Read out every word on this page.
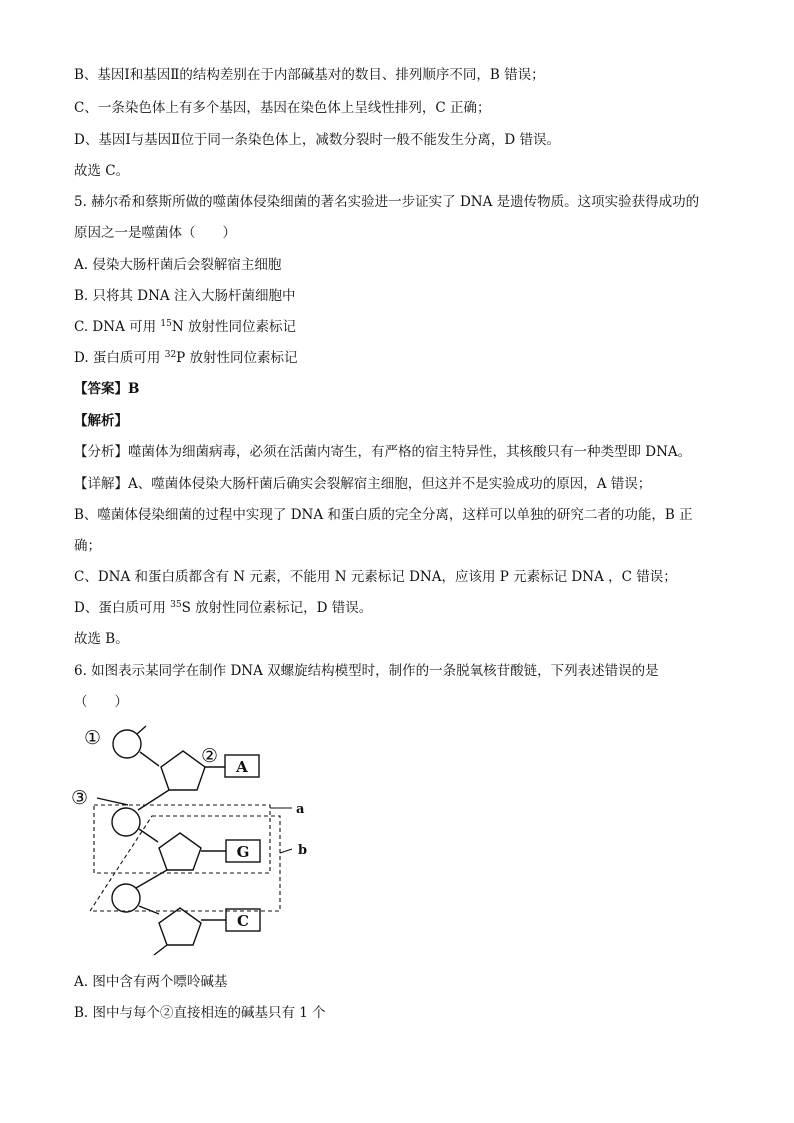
B、基因Ⅰ和基因Ⅱ的结构差别在于内部碱基对的数目、排列顺序不同，B 错误；
C、一条染色体上有多个基因，基因在染色体上呈线性排列，C 正确；
D、基因Ⅰ与基因Ⅱ位于同一条染色体上，减数分裂时一般不能发生分离，D 错误。
故选 C。
5. 赫尔希和蔡斯所做的噬菌体侵染细菌的著名实验进一步证实了 DNA 是遗传物质。这项实验获得成功的
原因之一是噬菌体（　　）
A. 侵染大肠杆菌后会裂解宿主细胞
B. 只将其 DNA 注入大肠杆菌细胞中
C. DNA 可用 $^{15}$N 放射性同位素标记
D. 蛋白质可用 $^{32}$P 放射性同位素标记
【答案】B
【解析】
【分析】噬菌体为细菌病毒，必须在活菌内寄生，有严格的宿主特异性，其核酸只有一种类型即 DNA。
【详解】A、噬菌体侵染大肠杆菌后确实会裂解宿主细胞，但这并不是实验成功的原因，A 错误；
B、噬菌体侵染细菌的过程中实现了 DNA 和蛋白质的完全分离，这样可以单独的研究二者的功能，B 正
确；
C、DNA 和蛋白质都含有 N 元素，不能用 N 元素标记 DNA，应该用 P 元素标记 DNA ，C 错误；
D、蛋白质可用 $^{35}$S 放射性同位素标记，D 错误。
故选 B。
6. 如图表示某同学在制作 DNA 双螺旋结构模型时，制作的一条脱氧核苷酸链，下列表述错误的是
（　　）
①
②
③
A
G
C
a
b
A. 图中含有两个嘌呤碱基
B. 图中与每个②直接相连的碱基只有 1 个
